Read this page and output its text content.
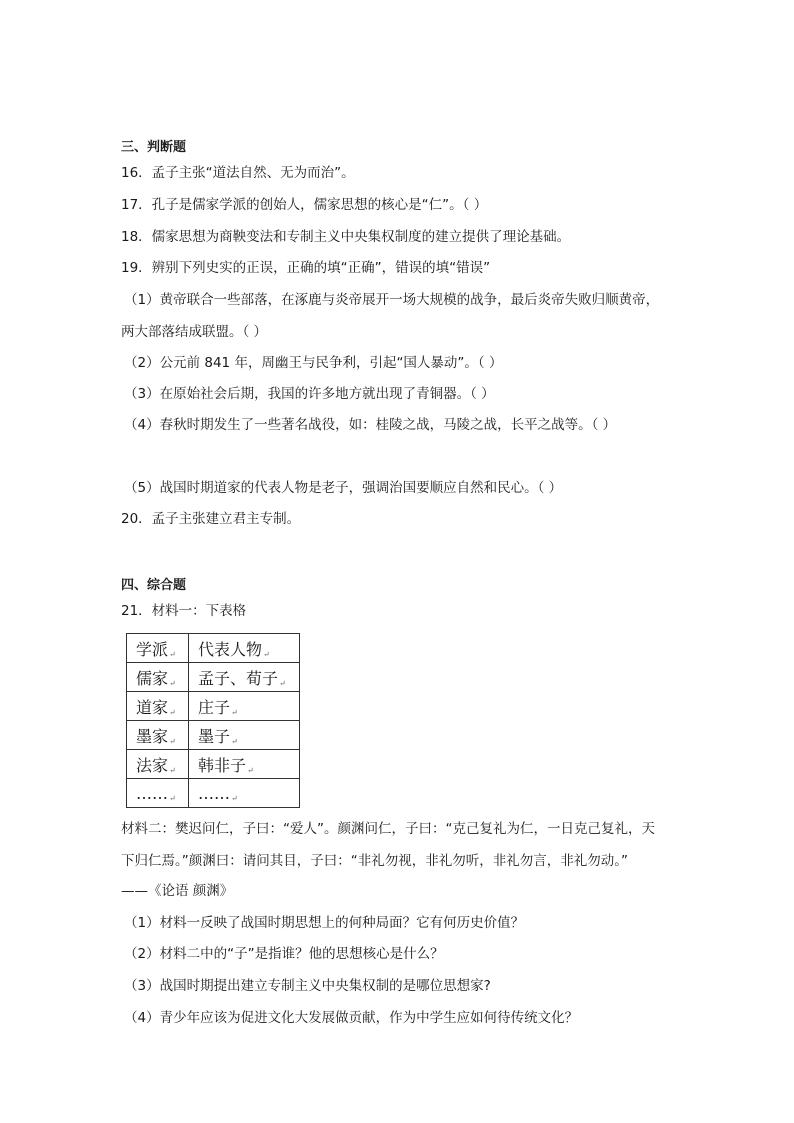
三、判断题
16．孟子主张“道法自然、无为而治”。
17．孔子是儒家学派的创始人，儒家思想的核心是“仁”。（ ）
18．儒家思想为商鞅变法和专制主义中央集权制度的建立提供了理论基础。
19．辨别下列史实的正误，正确的填“正确”，错误的填“错误”
（1）黄帝联合一些部落，在涿鹿与炎帝展开一场大规模的战争，最后炎帝失败归顺黄帝，
两大部落结成联盟。（ ）
（2）公元前 841 年，周幽王与民争利，引起“国人暴动”。（ ）
（3）在原始社会后期，我国的许多地方就出现了青铜器。（ ）
（4）春秋时期发生了一些著名战役，如：桂陵之战，马陵之战，长平之战等。（ ）
（5）战国时期道家的代表人物是老子，强调治国要顺应自然和民心。（ ）
20．孟子主张建立君主专制。
四、综合题
21．材料一：下表格
学派↵	代表人物↵
儒家↵	孟子、荀子↵
道家↵	庄子↵
墨家↵	墨子↵
法家↵	韩非子↵
……↵	……↵
材料二：樊迟问仁，子曰：“爱人”。颜渊问仁，子曰：“克己复礼为仁，一日克己复礼，天
下归仁焉。”颜渊曰：请问其目，子曰：“非礼勿视，非礼勿听，非礼勿言，非礼勿动。”
——《论语 颜渊》
（1）材料一反映了战国时期思想上的何种局面？它有何历史价值？
（2）材料二中的“子”是指谁？他的思想核心是什么？
（3）战国时期提出建立专制主义中央集权制的是哪位思想家?
（4）青少年应该为促进文化大发展做贡献，作为中学生应如何待传统文化？
